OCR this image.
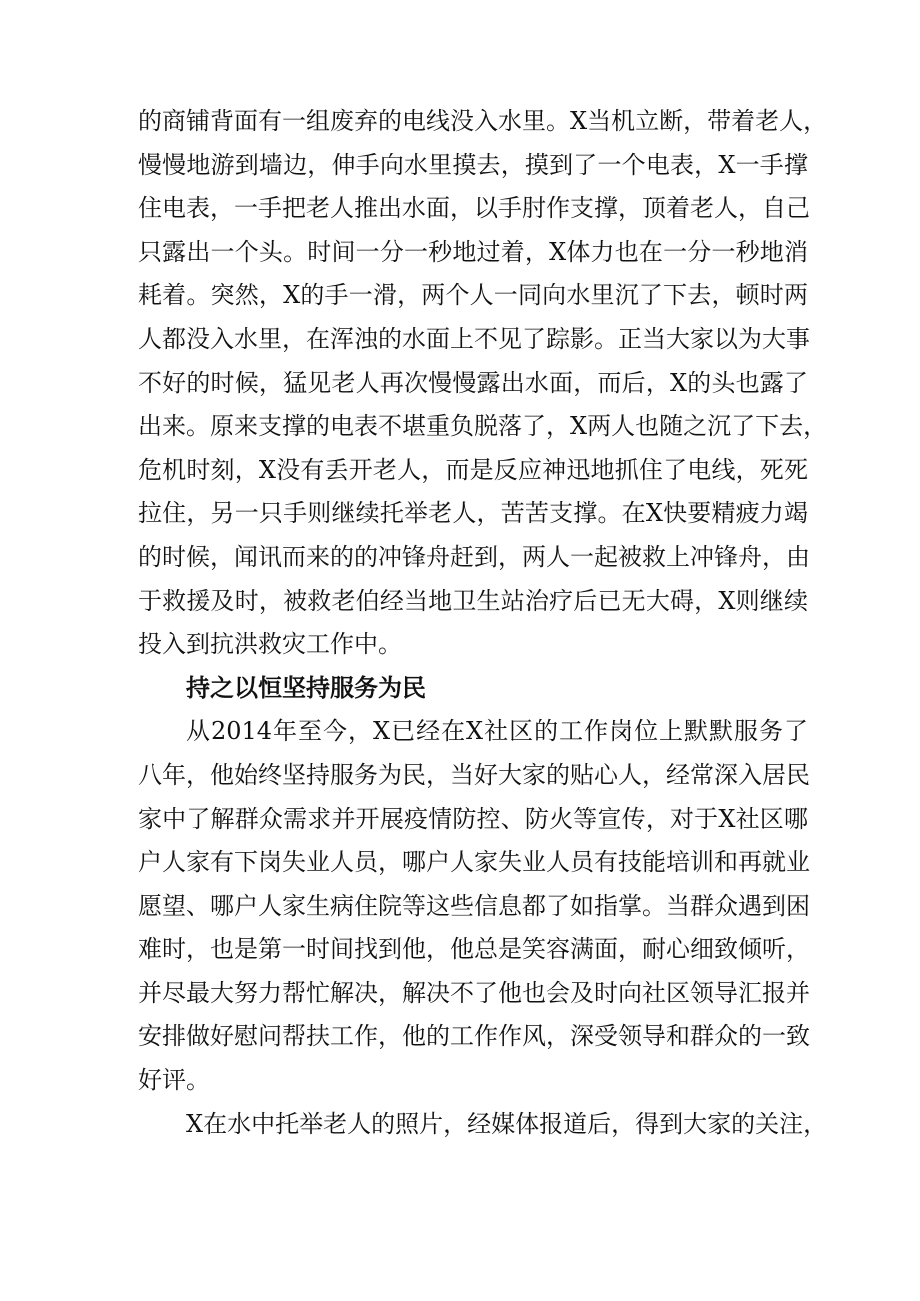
的商铺背面有一组废弃的电线没入水里。X当机立断，带着老人，
慢慢地游到墙边，伸手向水里摸去，摸到了一个电表，X一手撑
住电表，一手把老人推出水面，以手肘作支撑，顶着老人，自己
只露出一个头。时间一分一秒地过着，X体力也在一分一秒地消
耗着。突然，X的手一滑，两个人一同向水里沉了下去，顿时两
人都没入水里，在浑浊的水面上不见了踪影。正当大家以为大事
不好的时候，猛见老人再次慢慢露出水面，而后，X的头也露了
出来。原来支撑的电表不堪重负脱落了，X两人也随之沉了下去，
危机时刻，X没有丢开老人，而是反应神迅地抓住了电线，死死
拉住，另一只手则继续托举老人，苦苦支撑。在X快要精疲力竭
的时候，闻讯而来的的冲锋舟赶到，两人一起被救上冲锋舟，由
于救援及时，被救老伯经当地卫生站治疗后已无大碍，X则继续
投入到抗洪救灾工作中。
持之以恒坚持服务为民
从2014年至今，X已经在X社区的工作岗位上默默服务了
八年，他始终坚持服务为民，当好大家的贴心人，经常深入居民
家中了解群众需求并开展疫情防控、防火等宣传，对于X社区哪
户人家有下岗失业人员，哪户人家失业人员有技能培训和再就业
愿望、哪户人家生病住院等这些信息都了如指掌。当群众遇到困
难时，也是第一时间找到他，他总是笑容满面，耐心细致倾听，
并尽最大努力帮忙解决，解决不了他也会及时向社区领导汇报并
安排做好慰问帮扶工作，他的工作作风，深受领导和群众的一致
好评。
X在水中托举老人的照片，经媒体报道后，得到大家的关注，
